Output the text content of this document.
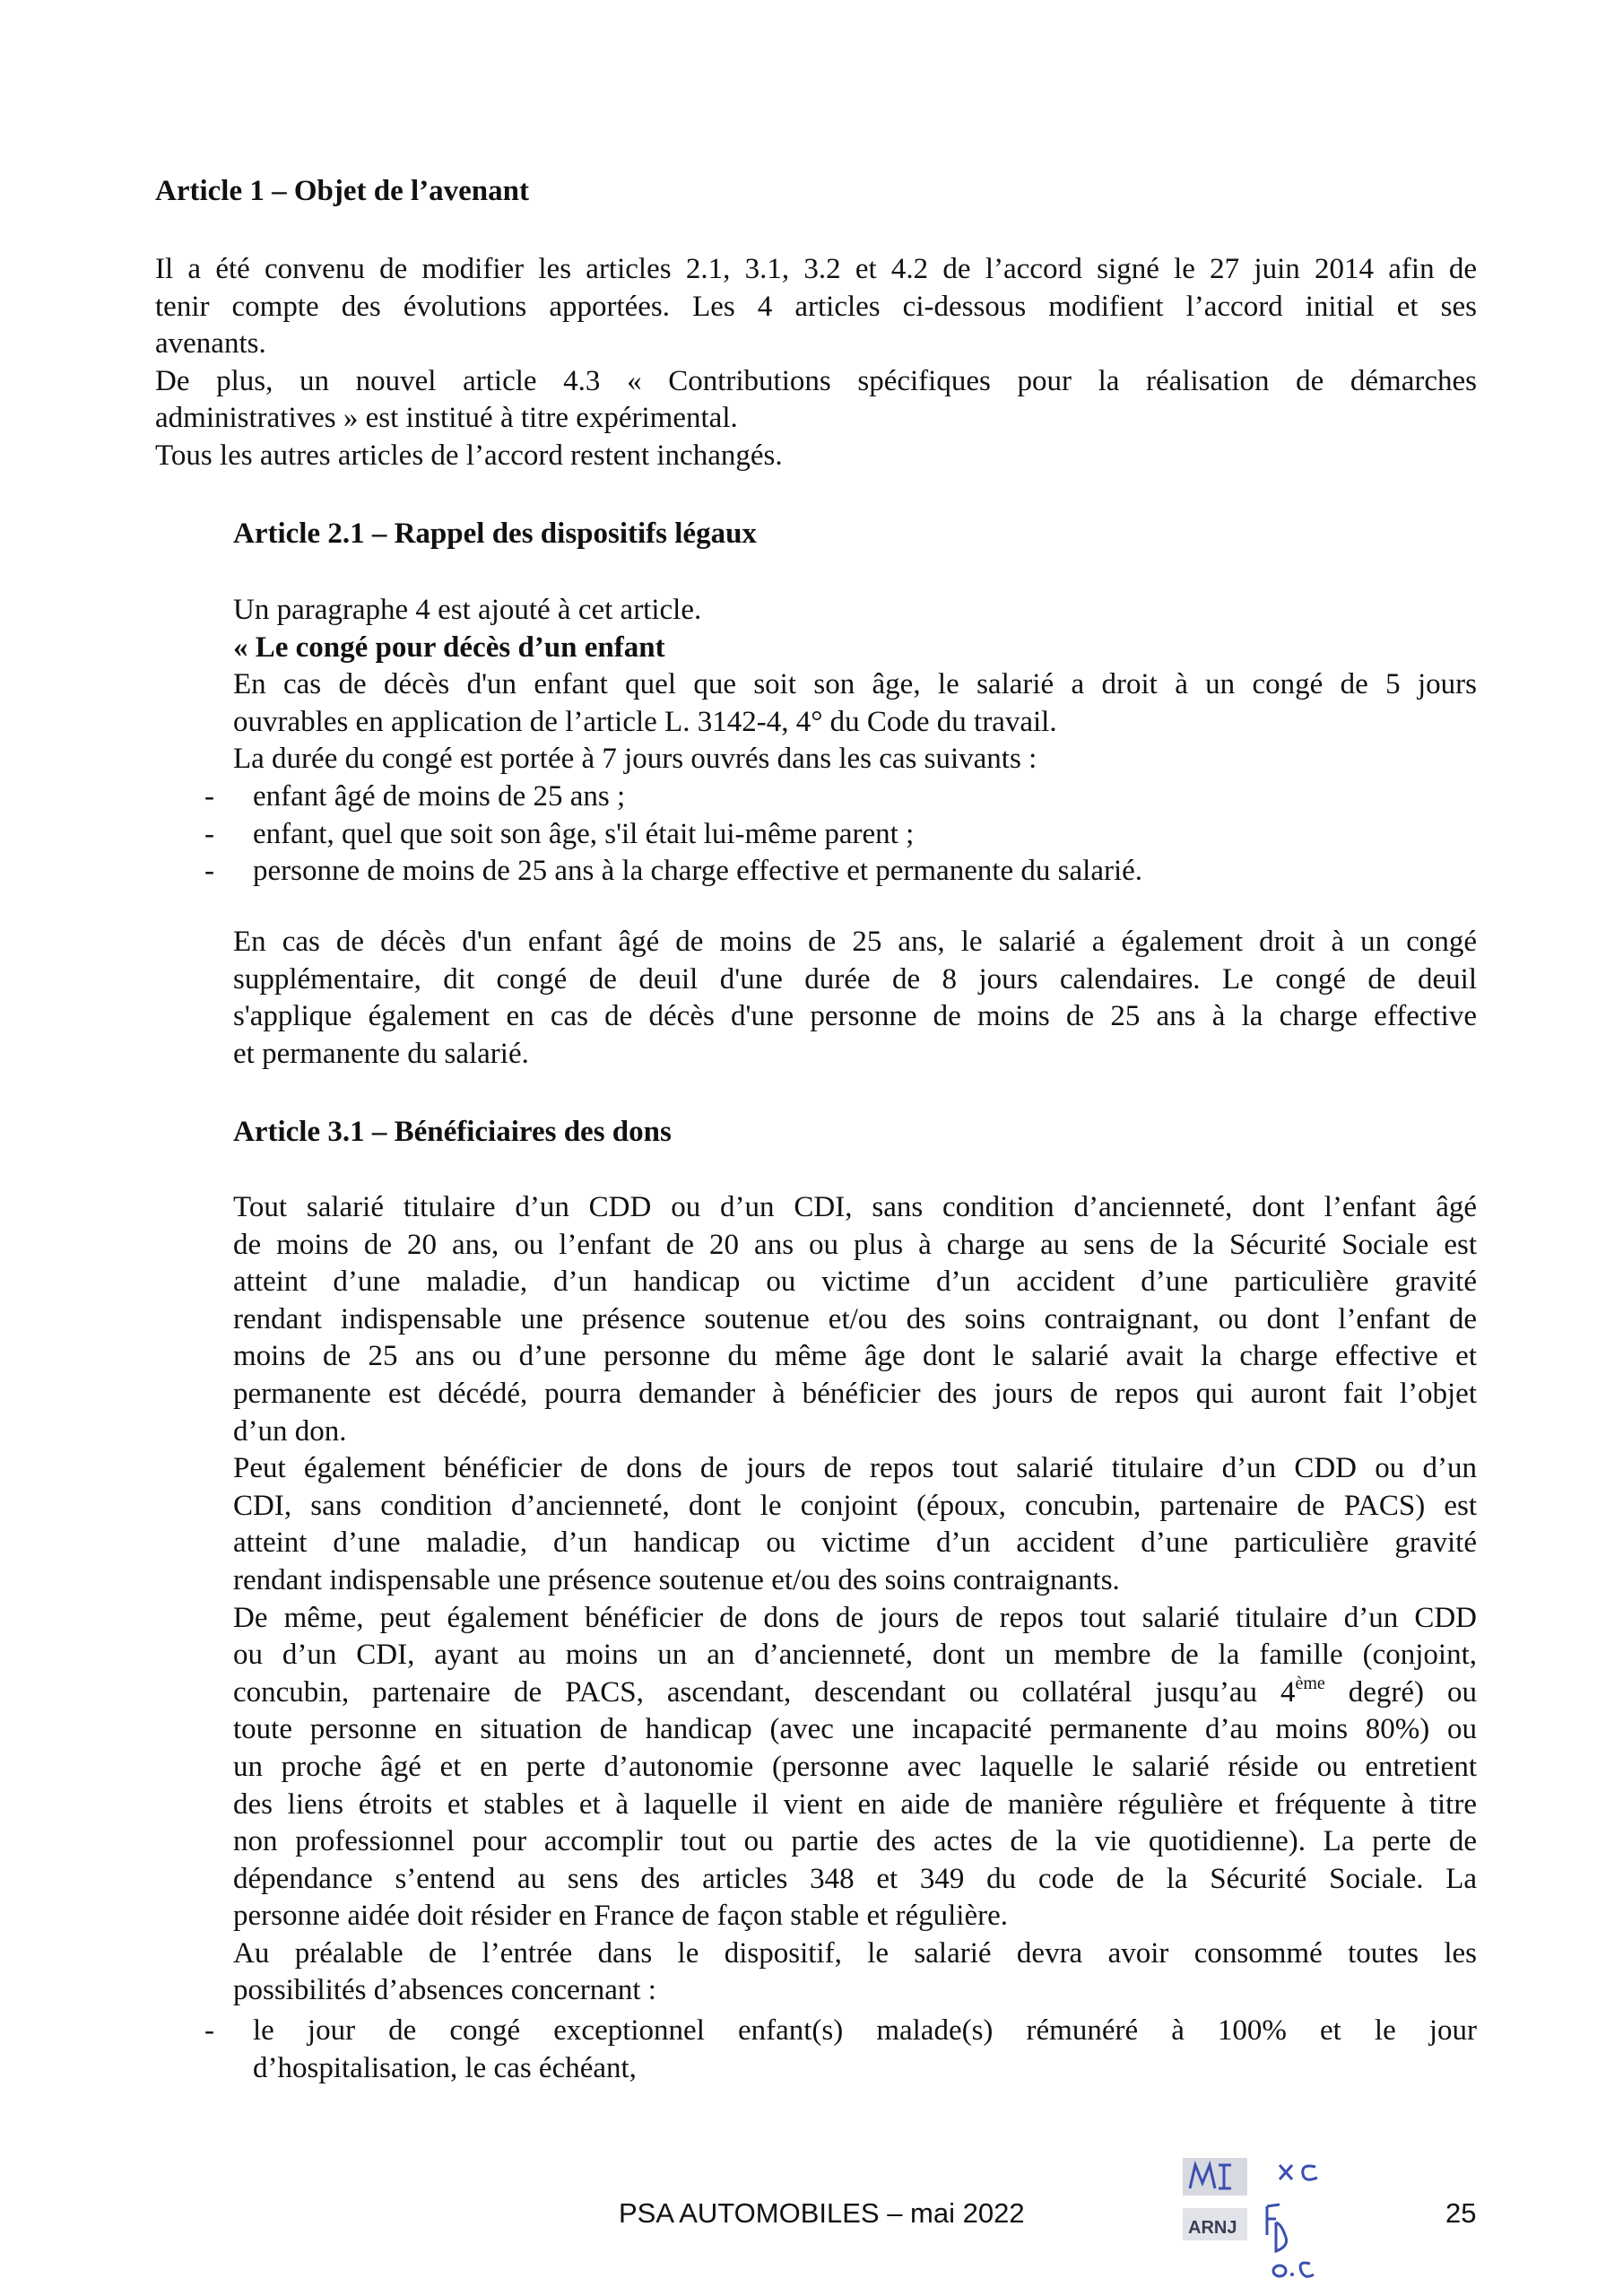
Article 1 – Objet de l’avenant
Il a été convenu de modifier les articles 2.1, 3.1, 3.2 et 4.2 de l’accord signé le 27 juin 2014 afin de
tenir compte des évolutions apportées. Les 4 articles ci-dessous modifient l’accord initial et ses
avenants.
De plus, un nouvel article 4.3 « Contributions spécifiques pour la réalisation de démarches
administratives » est institué à titre expérimental.
Tous les autres articles de l’accord restent inchangés.
Article 2.1 – Rappel des dispositifs légaux
Un paragraphe 4 est ajouté à cet article.
« Le congé pour décès d’un enfant
En cas de décès d'un enfant quel que soit son âge, le salarié a droit à un congé de 5 jours
ouvrables en application de l’article L. 3142-4, 4° du Code du travail.
La durée du congé est portée à 7 jours ouvrés dans les cas suivants :
- enfant âgé de moins de 25 ans ;
- enfant, quel que soit son âge, s'il était lui-même parent ;
- personne de moins de 25 ans à la charge effective et permanente du salarié.
En cas de décès d'un enfant âgé de moins de 25 ans, le salarié a également droit à un congé
supplémentaire, dit congé de deuil d'une durée de 8 jours calendaires. Le congé de deuil
s'applique également en cas de décès d'une personne de moins de 25 ans à la charge effective
et permanente du salarié.
Article 3.1 – Bénéficiaires des dons
Tout salarié titulaire d’un CDD ou d’un CDI, sans condition d’ancienneté, dont l’enfant âgé
de moins de 20 ans, ou l’enfant de 20 ans ou plus à charge au sens de la Sécurité Sociale est
atteint d’une maladie, d’un handicap ou victime d’un accident d’une particulière gravité
rendant indispensable une présence soutenue et/ou des soins contraignant, ou dont l’enfant de
moins de 25 ans ou d’une personne du même âge dont le salarié avait la charge effective et
permanente est décédé, pourra demander à bénéficier des jours de repos qui auront fait l’objet
d’un don.
Peut également bénéficier de dons de jours de repos tout salarié titulaire d’un CDD ou d’un
CDI, sans condition d’ancienneté, dont le conjoint (époux, concubin, partenaire de PACS) est
atteint d’une maladie, d’un handicap ou victime d’un accident d’une particulière gravité
rendant indispensable une présence soutenue et/ou des soins contraignants.
De même, peut également bénéficier de dons de jours de repos tout salarié titulaire d’un CDD
ou d’un CDI, ayant au moins un an d’ancienneté, dont un membre de la famille (conjoint,
concubin, partenaire de PACS, ascendant, descendant ou collatéral jusqu’au 4ème degré) ou
toute personne en situation de handicap (avec une incapacité permanente d’au moins 80%) ou
un proche âgé et en perte d’autonomie (personne avec laquelle le salarié réside ou entretient
des liens étroits et stables et à laquelle il vient en aide de manière régulière et fréquente à titre
non professionnel pour accomplir tout ou partie des actes de la vie quotidienne). La perte de
dépendance s’entend au sens des articles 348 et 349 du code de la Sécurité Sociale. La
personne aidée doit résider en France de façon stable et régulière.
Au préalable de l’entrée dans le dispositif, le salarié devra avoir consommé toutes les
possibilités d’absences concernant :
- le jour de congé exceptionnel enfant(s) malade(s) rémunéré à 100% et le jour
d’hospitalisation, le cas échéant,
PSA AUTOMOBILES – mai 2022	25
ARNJ
